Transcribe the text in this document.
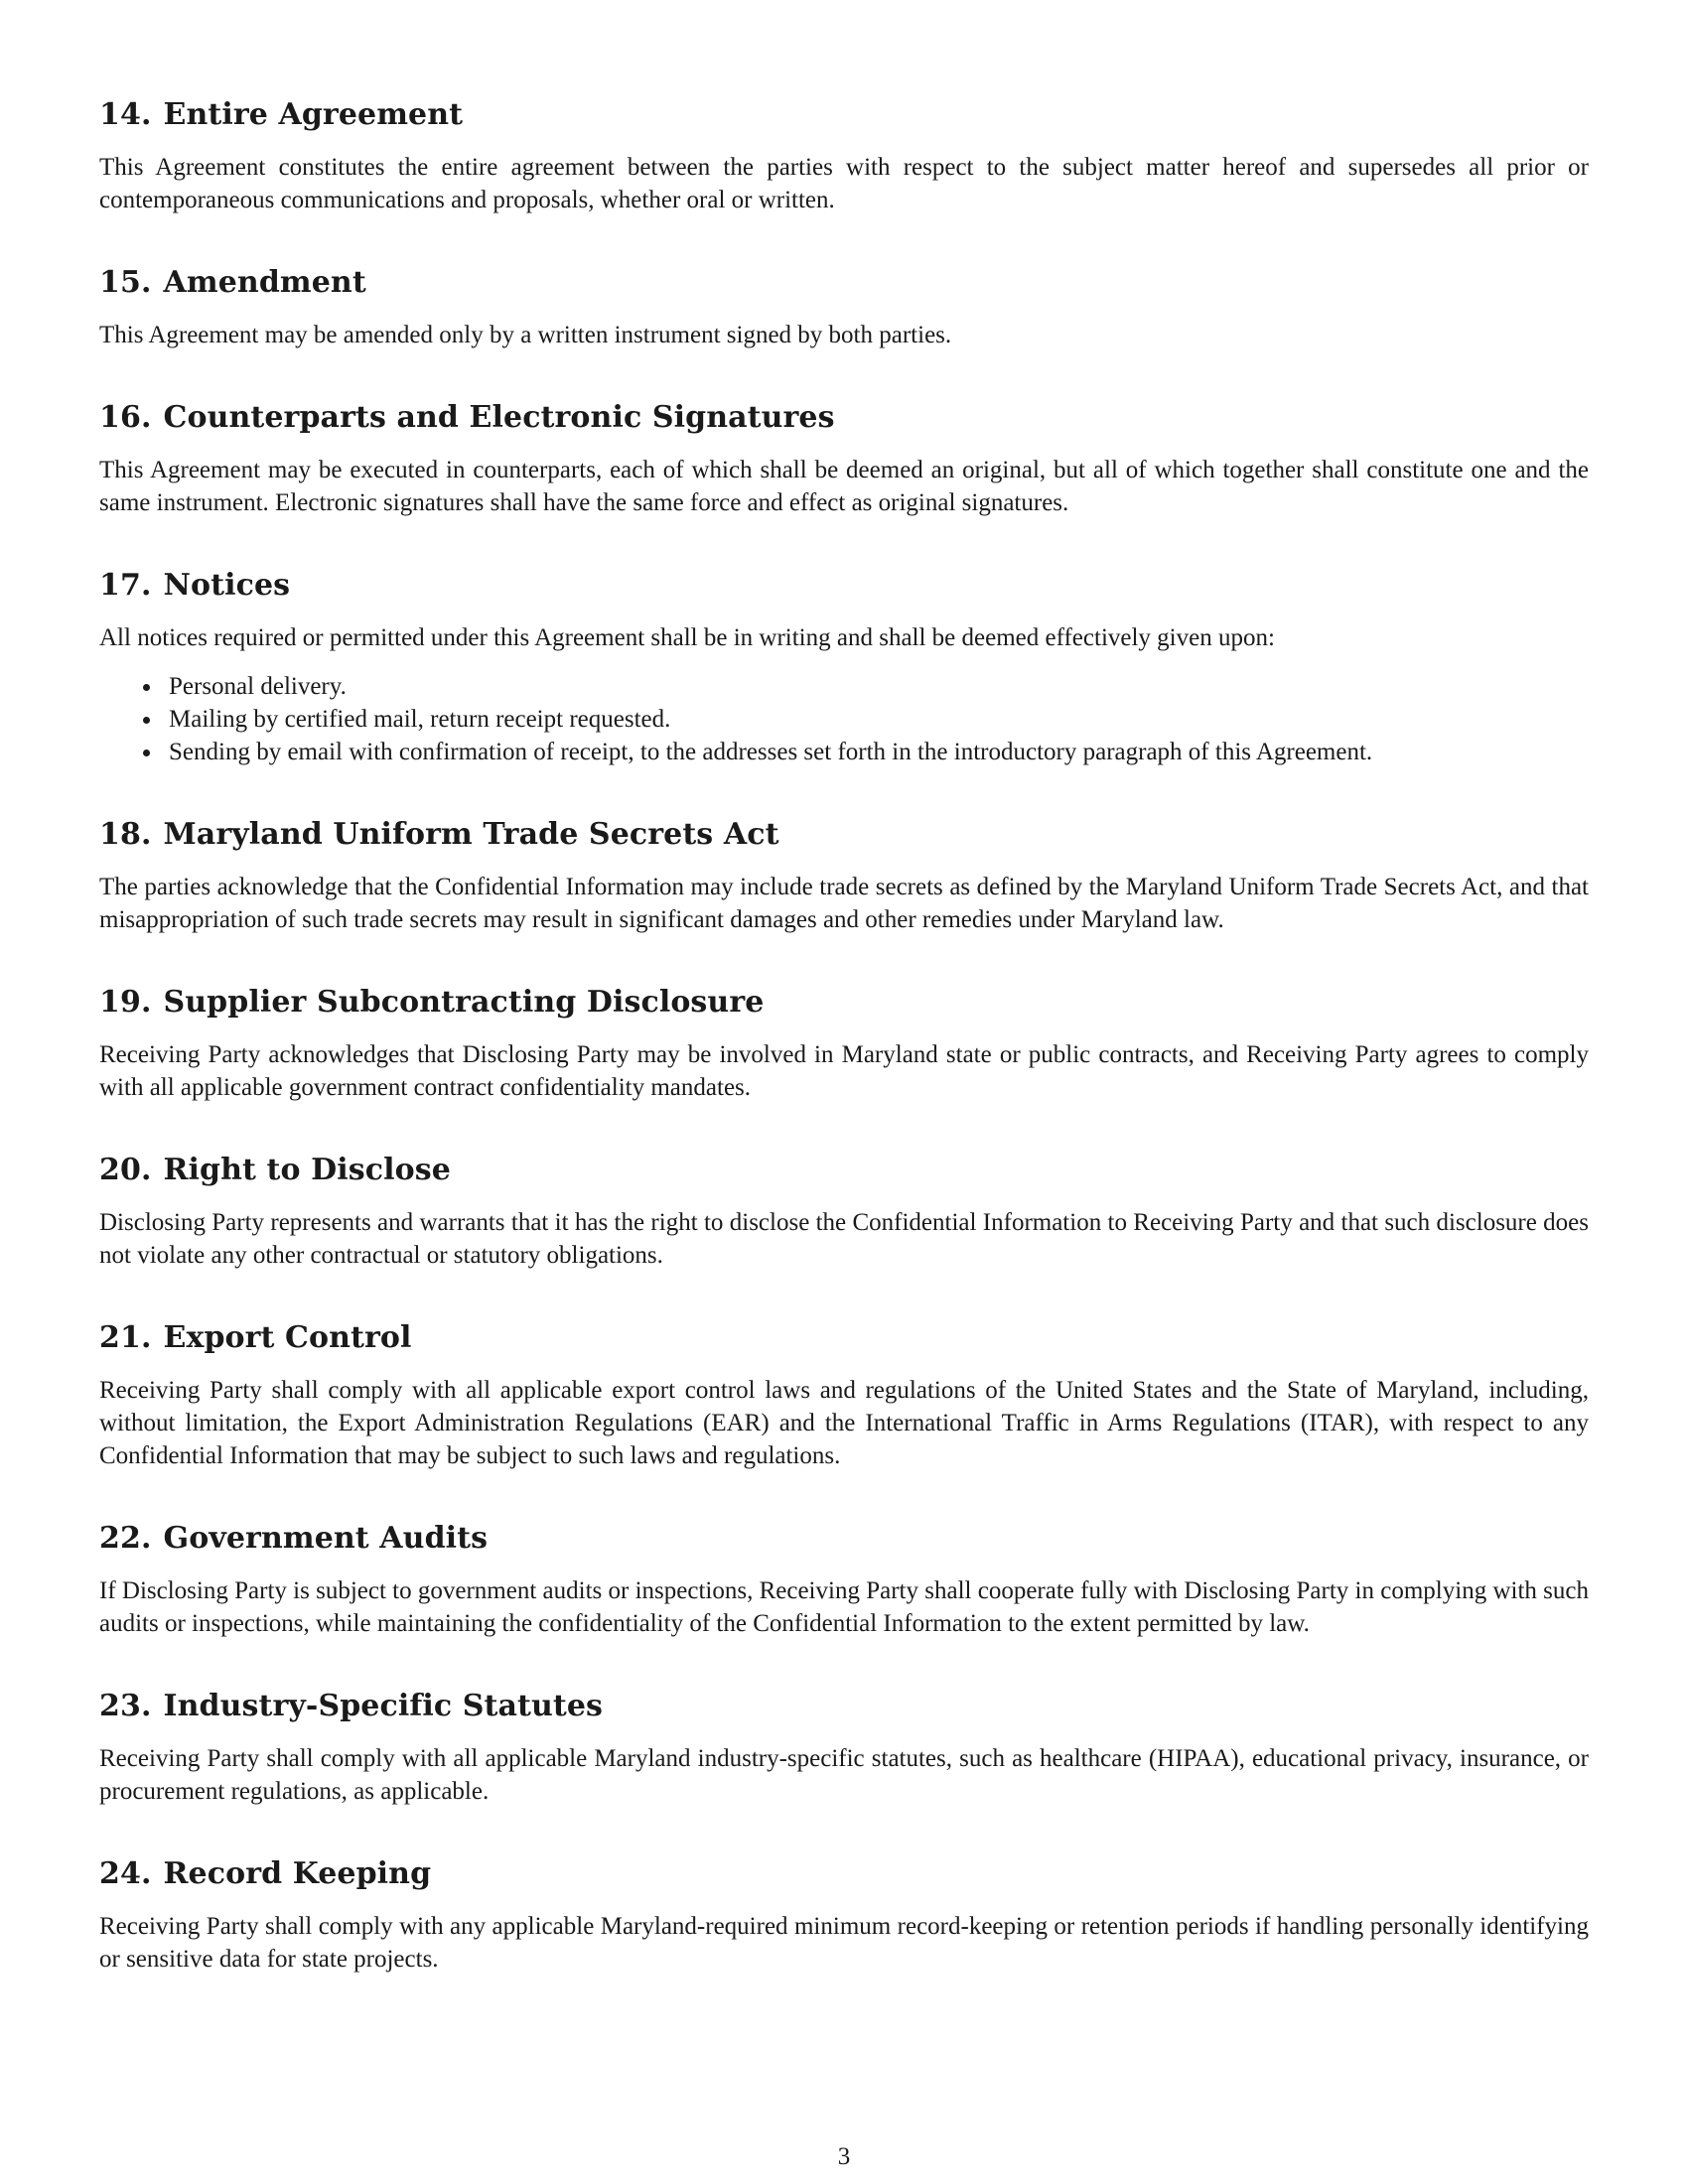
14. Entire Agreement

This Agreement constitutes the entire agreement between the parties with respect to the subject matter hereof and supersedes all prior or contemporaneous communications and proposals, whether oral or written.

15. Amendment

This Agreement may be amended only by a written instrument signed by both parties.

16. Counterparts and Electronic Signatures

This Agreement may be executed in counterparts, each of which shall be deemed an original, but all of which together shall constitute one and the same instrument. Electronic signatures shall have the same force and effect as original signatures.

17. Notices

All notices required or permitted under this Agreement shall be in writing and shall be deemed effectively given upon:

Personal delivery.
Mailing by certified mail, return receipt requested.
Sending by email with confirmation of receipt, to the addresses set forth in the introductory paragraph of this Agreement.
18. Maryland Uniform Trade Secrets Act

The parties acknowledge that the Confidential Information may include trade secrets as defined by the Maryland Uniform Trade Secrets Act, and that misappropriation of such trade secrets may result in significant damages and other remedies under Maryland law.

19. Supplier Subcontracting Disclosure

Receiving Party acknowledges that Disclosing Party may be involved in Maryland state or public contracts, and Receiving Party agrees to comply with all applicable government contract confidentiality mandates.

20. Right to Disclose

Disclosing Party represents and warrants that it has the right to disclose the Confidential Information to Receiving Party and that such disclosure does not violate any other contractual or statutory obligations.

21. Export Control

Receiving Party shall comply with all applicable export control laws and regulations of the United States and the State of Maryland, including, without limitation, the Export Administration Regulations (EAR) and the International Traffic in Arms Regulations (ITAR), with respect to any Confidential Information that may be subject to such laws and regulations.

22. Government Audits

If Disclosing Party is subject to government audits or inspections, Receiving Party shall cooperate fully with Disclosing Party in complying with such audits or inspections, while maintaining the confidentiality of the Confidential Information to the extent permitted by law.

23. Industry-Specific Statutes

Receiving Party shall comply with all applicable Maryland industry-specific statutes, such as healthcare (HIPAA), educational privacy, insurance, or procurement regulations, as applicable.

24. Record Keeping

Receiving Party shall comply with any applicable Maryland-required minimum record-keeping or retention periods if handling personally identifying or sensitive data for state projects.

3
